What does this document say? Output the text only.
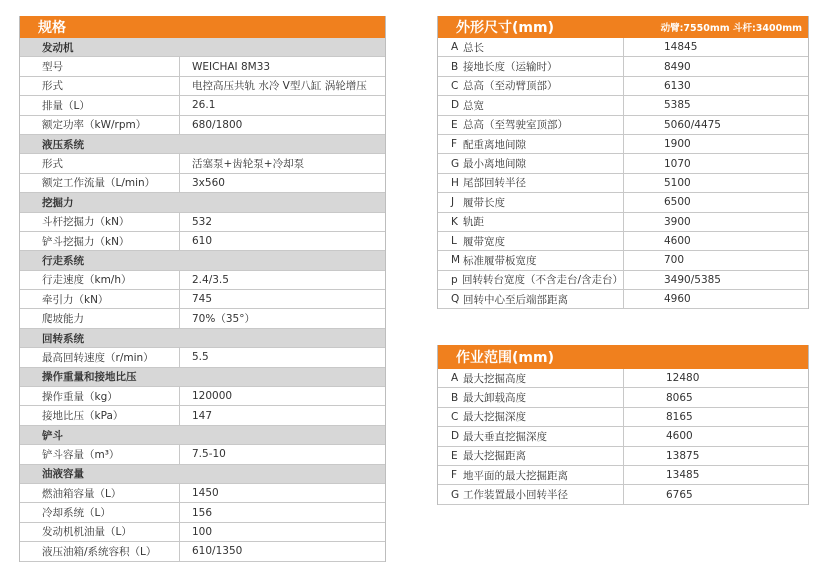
规格
发动机
型号	WEICHAI 8M33
形式	电控高压共轨 水冷 V型八缸 涡轮增压
排量（L）	26.1
额定功率（kW/rpm）	680/1800
液压系统
形式	活塞泵+齿轮泵+冷却泵
额定工作流量（L/min）	3x560
挖掘力
斗杆挖掘力（kN）	532
铲斗挖掘力（kN）	610
行走系统
行走速度（km/h）	2.4/3.5
牵引力（kN）	745
爬坡能力	70%（35°）
回转系统
最高回转速度（r/min）	5.5
操作重量和接地比压
操作重量（kg）	120000
接地比压（kPa）	147
铲斗
铲斗容量（m³）	7.5-10
油液容量
燃油箱容量（L）	1450
冷却系统（L）	156
发动机机油量（L）	100
液压油箱/系统容积（L）	610/1350
外形尺寸(mm)	动臂:7550mm 斗杆:3400mm
A 总长	14845
B 接地长度（运输时）	8490
C 总高（至动臂顶部）	6130
D 总宽	5385
E 总高（至驾驶室顶部）	5060/4475
F 配重离地间隙	1900
G 最小离地间隙	1070
H 尾部回转半径	5100
J 履带长度	6500
K 轨距	3900
L 履带宽度	4600
M 标准履带板宽度	700
p 回转转台宽度（不含走台/含走台）	3490/5385
Q 回转中心至后端部距离	4960
作业范围(mm)
A 最大挖掘高度	12480
B 最大卸载高度	8065
C 最大挖掘深度	8165
D 最大垂直挖掘深度	4600
E 最大挖掘距离	13875
F 地平面的最大挖掘距离	13485
G 工作装置最小回转半径	6765
